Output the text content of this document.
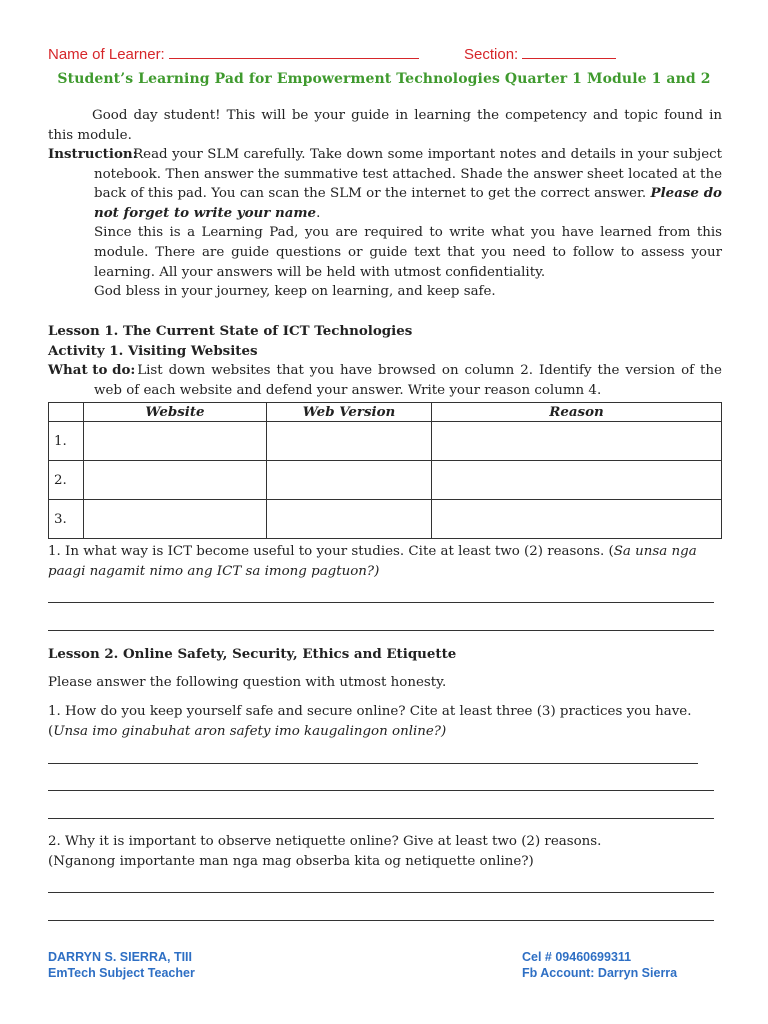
Name of Learner:	Section:
Student’s Learning Pad for Empowerment Technologies Quarter 1 Module 1 and 2
Good day student! This will be your guide in learning the competency and topic found in this module.
Instruction:
Read your SLM carefully. Take down some important notes and details in your subject notebook. Then answer the summative test attached. Shade the answer sheet located at the back of this pad. You can scan the SLM or the internet to get the correct answer. Please do not forget to write your name.
Since this is a Learning Pad, you are required to write what you have learned from this module. There are guide questions or guide text that you need to follow to assess your learning. All your answers will be held with utmost confidentiality.
God bless in your journey, keep on learning, and keep safe.
Lesson 1. The Current State of ICT Technologies
Activity 1. Visiting Websites
What to do: List down websites that you have browsed on column 2. Identify the version of the web of each website and defend your answer. Write your reason column 4.
	Website	Web Version	Reason
1.			
2.			
3.			
1. In what way is ICT become useful to your studies. Cite at least two (2) reasons. (Sa unsa nga paagi nagamit nimo ang ICT sa imong pagtuon?)
Lesson 2. Online Safety, Security, Ethics and Etiquette
Please answer the following question with utmost honesty.
1. How do you keep yourself safe and secure online? Cite at least three (3) practices you have. (Unsa imo ginabuhat aron safety imo kaugalingon online?)
2. Why it is important to observe netiquette online? Give at least two (2) reasons.
(Nganong importante man nga mag obserba kita og netiquette online?)
DARRYN S. SIERRA, TIII
EmTech Subject Teacher
Cel # 09460699311
Fb Account: Darryn Sierra
